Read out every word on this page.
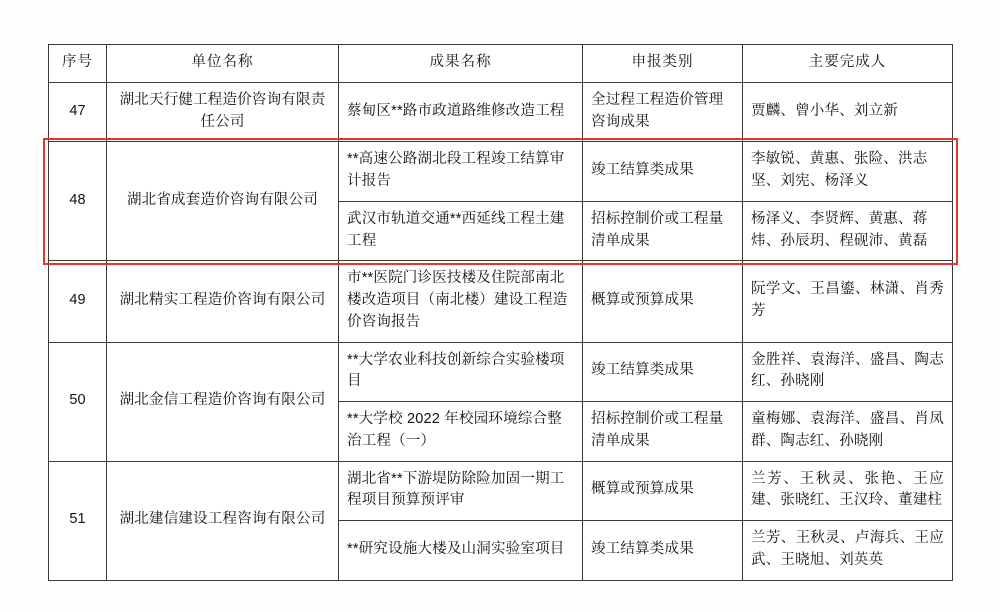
序号	单位名称	成果名称	申报类别	主要完成人
47	湖北天行健工程造价咨询有限责任公司	蔡甸区**路市政道路维修改造工程	全过程工程造价管理咨询成果	贾麟、曾小华、刘立新
48	湖北省成套造价咨询有限公司	**高速公路湖北段工程竣工结算审计报告	竣工结算类成果	李敏锐、黄惠、张险、洪志坚、刘宪、杨泽义
		武汉市轨道交通**西延线工程土建工程	招标控制价或工程量清单成果	杨泽义、李贤辉、黄惠、蒋炜、孙辰玥、程砚沛、黄磊
49	湖北精实工程造价咨询有限公司	市**医院门诊医技楼及住院部南北楼改造项目（南北楼）建设工程造价咨询报告	概算或预算成果	阮学文、王昌鎏、林潇、肖秀芳
50	湖北金信工程造价咨询有限公司	**大学农业科技创新综合实验楼项目	竣工结算类成果	金胜祥、袁海洋、盛昌、陶志红、孙晓刚
		**大学校 2022 年校园环境综合整治工程（一）	招标控制价或工程量清单成果	童梅娜、袁海洋、盛昌、肖凤群、陶志红、孙晓刚
51	湖北建信建设工程咨询有限公司	湖北省**下游堤防除险加固一期工程项目预算预评审	概算或预算成果	兰芳、王秋灵、张艳、王应建、张晓红、王汉玲、董建柱
		**研究设施大楼及山洞实验室项目	竣工结算类成果	兰芳、王秋灵、卢海兵、王应武、王晓旭、刘英英
